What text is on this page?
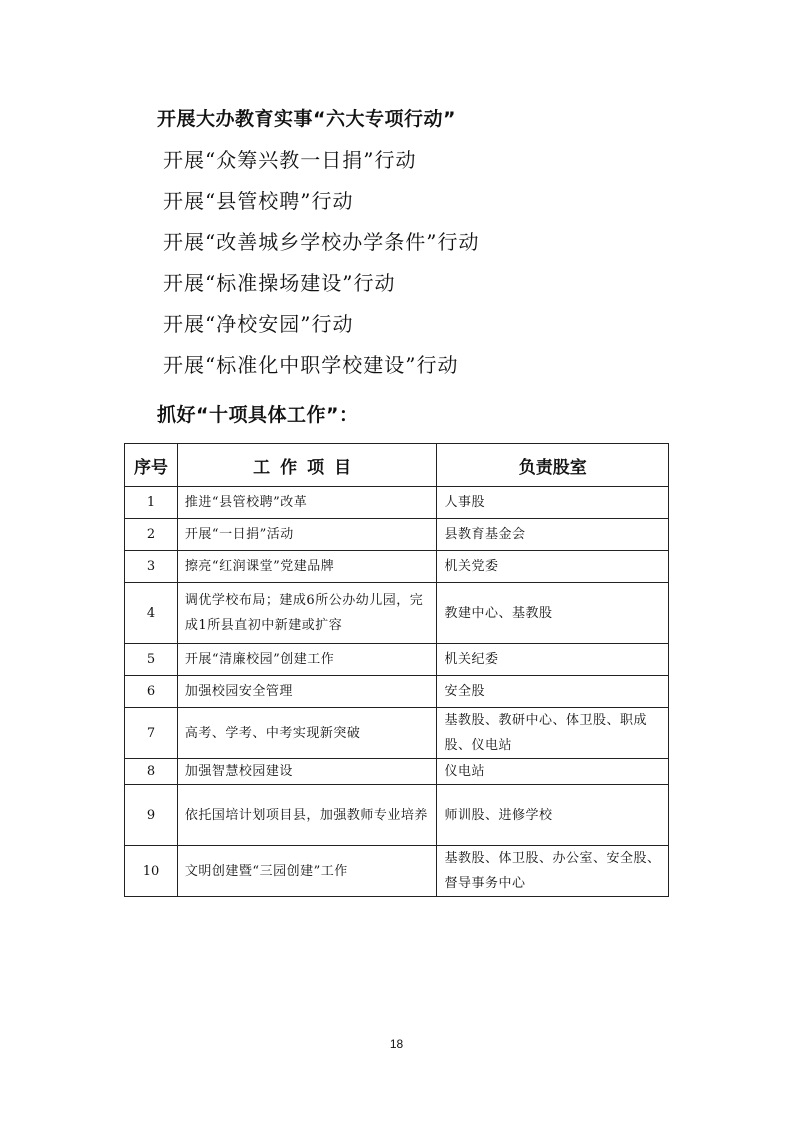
开展大办教育实事“六大专项行动”
开展“众筹兴教一日捐”行动
开展“县管校聘”行动
开展“改善城乡学校办学条件”行动
开展“标准操场建设”行动
开展“净校安园”行动
开展“标准化中职学校建设”行动
抓好“十项具体工作”：
序号	工作项目	负责股室
1	推进“县管校聘”改革	人事股
2	开展“一日捐”活动	县教育基金会
3	擦亮“红润课堂”党建品牌	机关党委
4	调优学校布局；建成6所公办幼儿园，完成1所县直初中新建或扩容	教建中心、基教股
5	开展“清廉校园”创建工作	机关纪委
6	加强校园安全管理	安全股
7	高考、学考、中考实现新突破	基教股、教研中心、体卫股、职成股、仪电站
8	加强智慧校园建设	仪电站
9	依托国培计划项目县，加强教师专业培养	师训股、进修学校
10	文明创建暨“三园创建”工作	基教股、体卫股、办公室、安全股、督导事务中心
18
